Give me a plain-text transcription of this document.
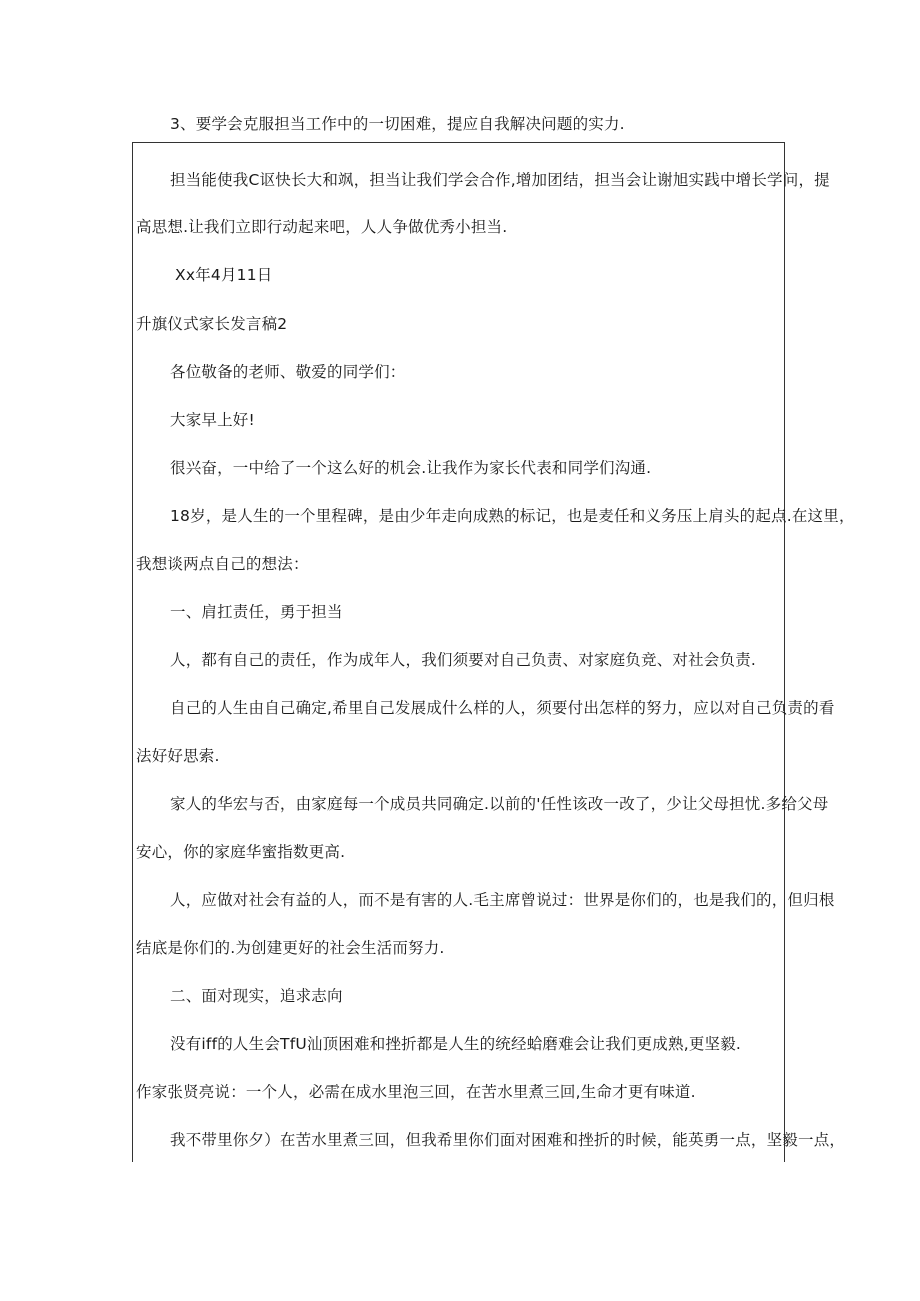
3、要学会克服担当工作中的一切困难，提应自我解决问题的实力.
担当能使我C讴快长大和飒，担当让我们学会合作,增加团结，担当会让谢旭实践中增长学问，提
高思想.让我们立即行动起来吧，人人争做优秀小担当.
Xx年4月11日
升旗仪式家长发言稿2
各位敬备的老师、敬爱的同学们：
大家早上好!
很兴奋，一中给了一个这么好的机会.让我作为家长代表和同学们沟通.
18岁，是人生的一个里程碑，是由少年走向成熟的标记，也是麦任和义务压上肩头的起点.在这里，
我想谈两点自己的想法：
一、肩扛责任，勇于担当
人，都有自己的责任，作为成年人，我们须要对自己负责、对家庭负竞、对社会负责.
自己的人生由自己确定,希里自己发展成什么样的人，须要付出怎样的努力，应以对自己负责的看
法好好思索.
家人的华宏与否，由家庭每一个成员共同确定.以前的'任性该改一改了，少让父母担忧.多给父母
安心，你的家庭华蜜指数更高.
人，应做对社会有益的人，而不是有害的人.毛主席曾说过：世界是你们的，也是我们的，但归根
结底是你们的.为创建更好的社会生活而努力.
二、面对现实，追求志向
没有iff的人生会TfU汕顶困难和挫折都是人生的统经蛤磨难会让我们更成熟,更坚毅.
作家张贤亮说：一个人，必需在成水里泡三回，在苦水里煮三回,生命才更有味道.
我不带里你夕）在苦水里煮三回，但我希里你们面对困难和挫折的时候，能英勇一点，坚毅一点，
